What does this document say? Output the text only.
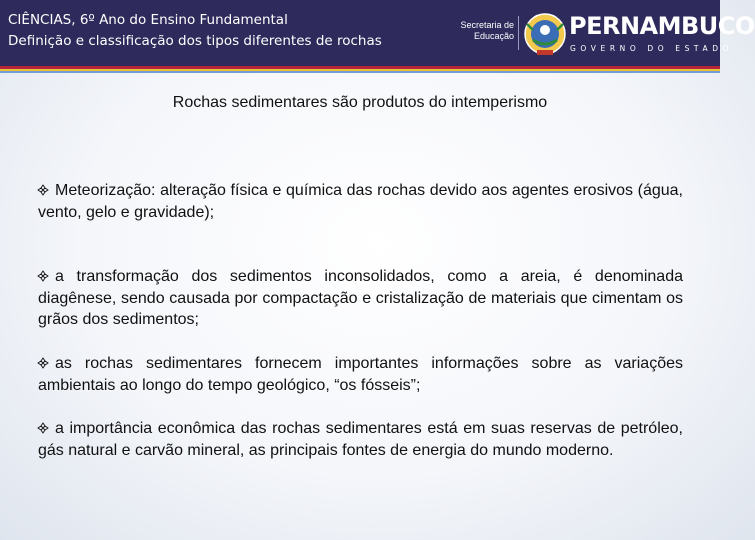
CIÊNCIAS, 6º Ano do Ensino Fundamental
Definição e classificação dos tipos diferentes de rochas
Secretaria de
Educação PERNAMBUCO
GOVERNO DO ESTADO
Rochas sedimentares são produtos do intemperismo
Meteorização: alteração física e química das rochas devido aos agentes erosivos (água, vento, gelo e gravidade);
a transformação dos sedimentos inconsolidados, como a areia, é denominada diagênese, sendo causada por compactação e cristalização de materiais que cimentam os grãos dos sedimentos;
as rochas sedimentares fornecem importantes informações sobre as variações ambientais ao longo do tempo geológico, “os fósseis”;
a importância econômica das rochas sedimentares está em suas reservas de petróleo, gás natural e carvão mineral, as principais fontes de energia do mundo moderno.
